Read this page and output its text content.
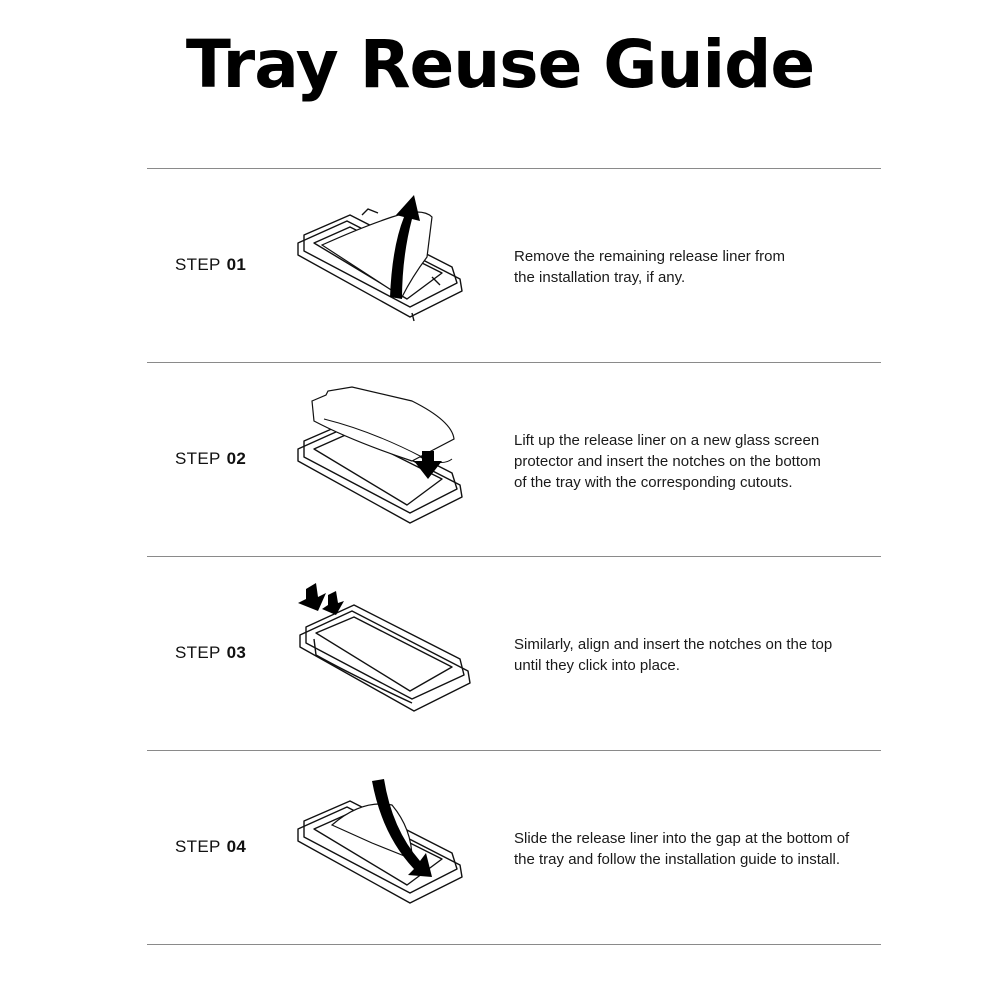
Tray Reuse Guide
STEP 01	Remove the remaining release liner from
the installation tray, if any.
STEP 02
Lift up the release liner on a new glass screen
protector and insert the notches on the bottom
of the tray with the corresponding cutouts.
STEP 03	Similarly, align and insert the notches on the top
until they click into place.
STEP 04	Slide the release liner into the gap at the bottom of
the tray and follow the installation guide to install.
